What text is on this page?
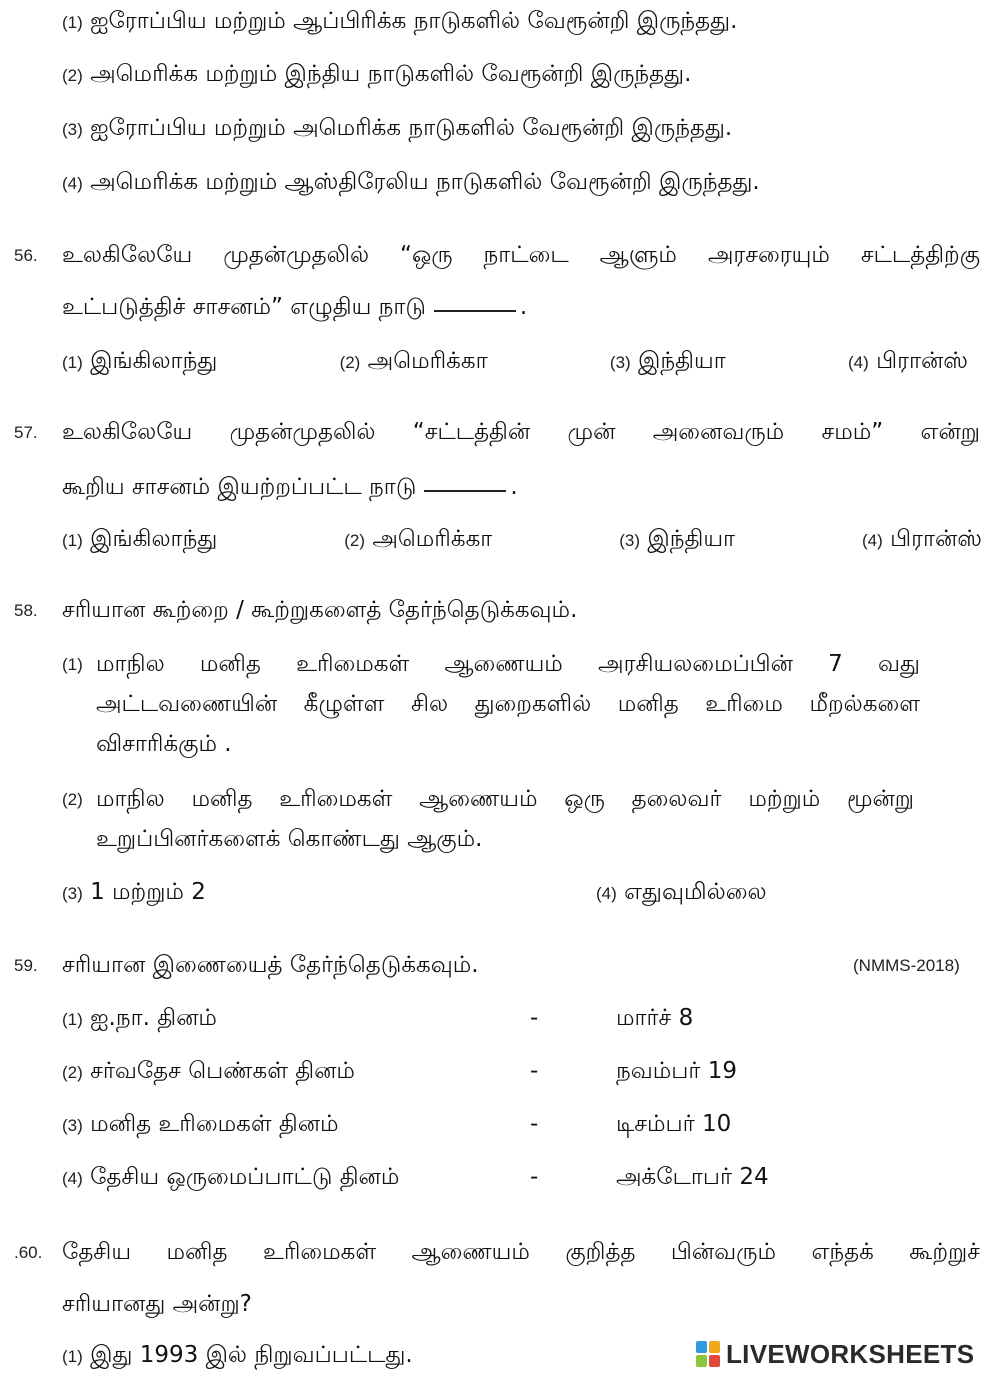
(1) ஐரோப்பிய மற்றும் ஆப்பிரிக்க நாடுகளில் வேரூன்றி இருந்தது.
(2) அமெரிக்க மற்றும் இந்திய நாடுகளில் வேரூன்றி இருந்தது.
(3) ஐரோப்பிய மற்றும் அமெரிக்க நாடுகளில் வேரூன்றி இருந்தது.
(4) அமெரிக்க மற்றும் ஆஸ்திரேலிய நாடுகளில் வேரூன்றி இருந்தது.
56. உலகிலேயே முதன்முதலில் “ஒரு நாட்டை ஆளும் அரசரையும் சட்டத்திற்கு
உட்படுத்திச் சாசனம்” எழுதிய நாடு	.
(1) இங்கிலாந்து	(2) அமெரிக்கா	(3) இந்தியா	(4) பிரான்ஸ்
57. உலகிலேயே முதன்முதலில் “சட்டத்தின் முன் அனைவரும் சமம்” என்று
கூறிய சாசனம் இயற்றப்பட்ட நாடு	.
(1) இங்கிலாந்து	(2) அமெரிக்கா	(3) இந்தியா	(4) பிரான்ஸ்
58. சரியான கூற்றை / கூற்றுகளைத் தேர்ந்தெடுக்கவும்.
(1) மாநில மனித உரிமைகள் ஆணையம் அரசியலமைப்பின் 7 வது
அட்டவணையின் கீழுள்ள சில துறைகளில் மனித உரிமை மீறல்களை
விசாரிக்கும் .
(2) மாநில மனித உரிமைகள் ஆணையம் ஒரு தலைவர் மற்றும் மூன்று
உறுப்பினர்களைக் கொண்டது ஆகும்.
(3) 1 மற்றும் 2	(4) எதுவுமில்லை
59. சரியான இணையைத் தேர்ந்தெடுக்கவும்.	(NMMS-2018)
(1) ஐ.நா. தினம்	-	மார்ச் 8
(2) சர்வதேச பெண்கள் தினம்	-	நவம்பர் 19
(3) மனித உரிமைகள் தினம்	-	டிசம்பர் 10
(4) தேசிய ஒருமைப்பாட்டு தினம்	-	அக்டோபர் 24
.60. தேசிய மனித உரிமைகள் ஆணையம் குறித்த பின்வரும் எந்தக் கூற்றுச்
சரியானது அன்று?
(1) இது 1993 இல் நிறுவப்பட்டது.	LIVEWORKSHEETS
